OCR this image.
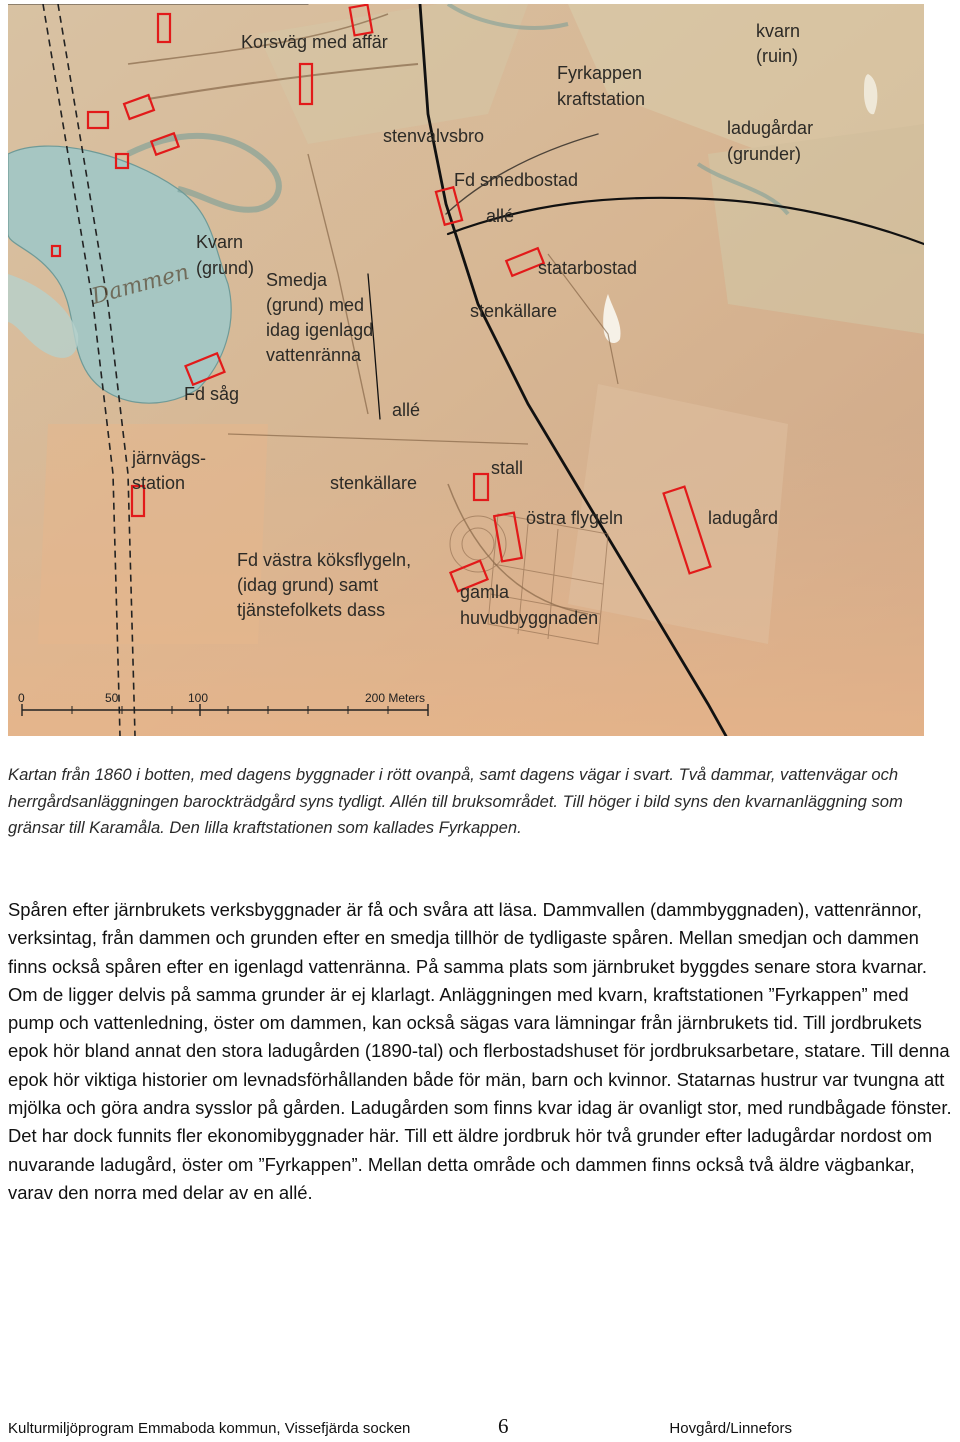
Dammen
Korsväg med affär
Fyrkappen
kraftstation
kvarn
(ruin)
stenvalvsbro	ladugårdar
(grunder)
Fd smedbostad
allé
Kvarn
(grund)	statarbostad
Smedja
(grund) med
idag igenlagd
vattenränna
stenkällare
Fd såg
allé
järnvägs-
station	stenkällare
stall
östra flygeln	ladugård
Fd västra köksflygeln,
(idag grund) samt
tjänstefolkets dass
gamla
huvudbyggnaden
0	50	100	200 Meters

Kartan från 1860 i botten, med dagens byggnader i rött ovanpå, samt dagens vägar i svart. Två dammar, vattenvägar och herrgårdsanläggningen barockträdgård syns tydligt. Allén till bruksområdet. Till höger i bild syns den kvarnanläggning som gränsar till Karamåla. Den lilla kraftstationen som kallades Fyrkappen.

Spåren efter järnbrukets verksbyggnader är få och svåra att läsa. Dammvallen (dammbyggnaden), vattenrännor, verksintag, från dammen och grunden efter en smedja tillhör de tydligaste spåren. Mellan smedjan och dammen finns också spåren efter en igenlagd vattenränna. På samma plats som järnbruket byggdes senare stora kvarnar. Om de ligger delvis på samma grunder är ej klarlagt. Anläggningen med kvarn, kraftstationen ”Fyrkappen” med pump och vattenledning, öster om dammen, kan också sägas vara lämningar från järnbrukets tid. Till jordbrukets epok hör bland annat den stora ladugården (1890-tal) och flerbostadshuset för jordbruksarbetare, statare. Till denna epok hör viktiga historier om levnadsförhållanden både för män, barn och kvinnor. Statarnas hustrur var tvungna att mjölka och göra andra sysslor på gården. Ladugården som finns kvar idag är ovanligt stor, med rundbågade fönster. Det har dock funnits fler ekonomibyggnader här. Till ett äldre jordbruk hör två grunder efter ladugårdar nordost om nuvarande ladugård, öster om ”Fyrkappen”. Mellan detta område och dammen finns också två äldre vägbankar, varav den norra med delar av en allé.

Kulturmiljöprogram Emmaboda kommun, Vissefjärda socken	6	Hovgård/Linnefors
